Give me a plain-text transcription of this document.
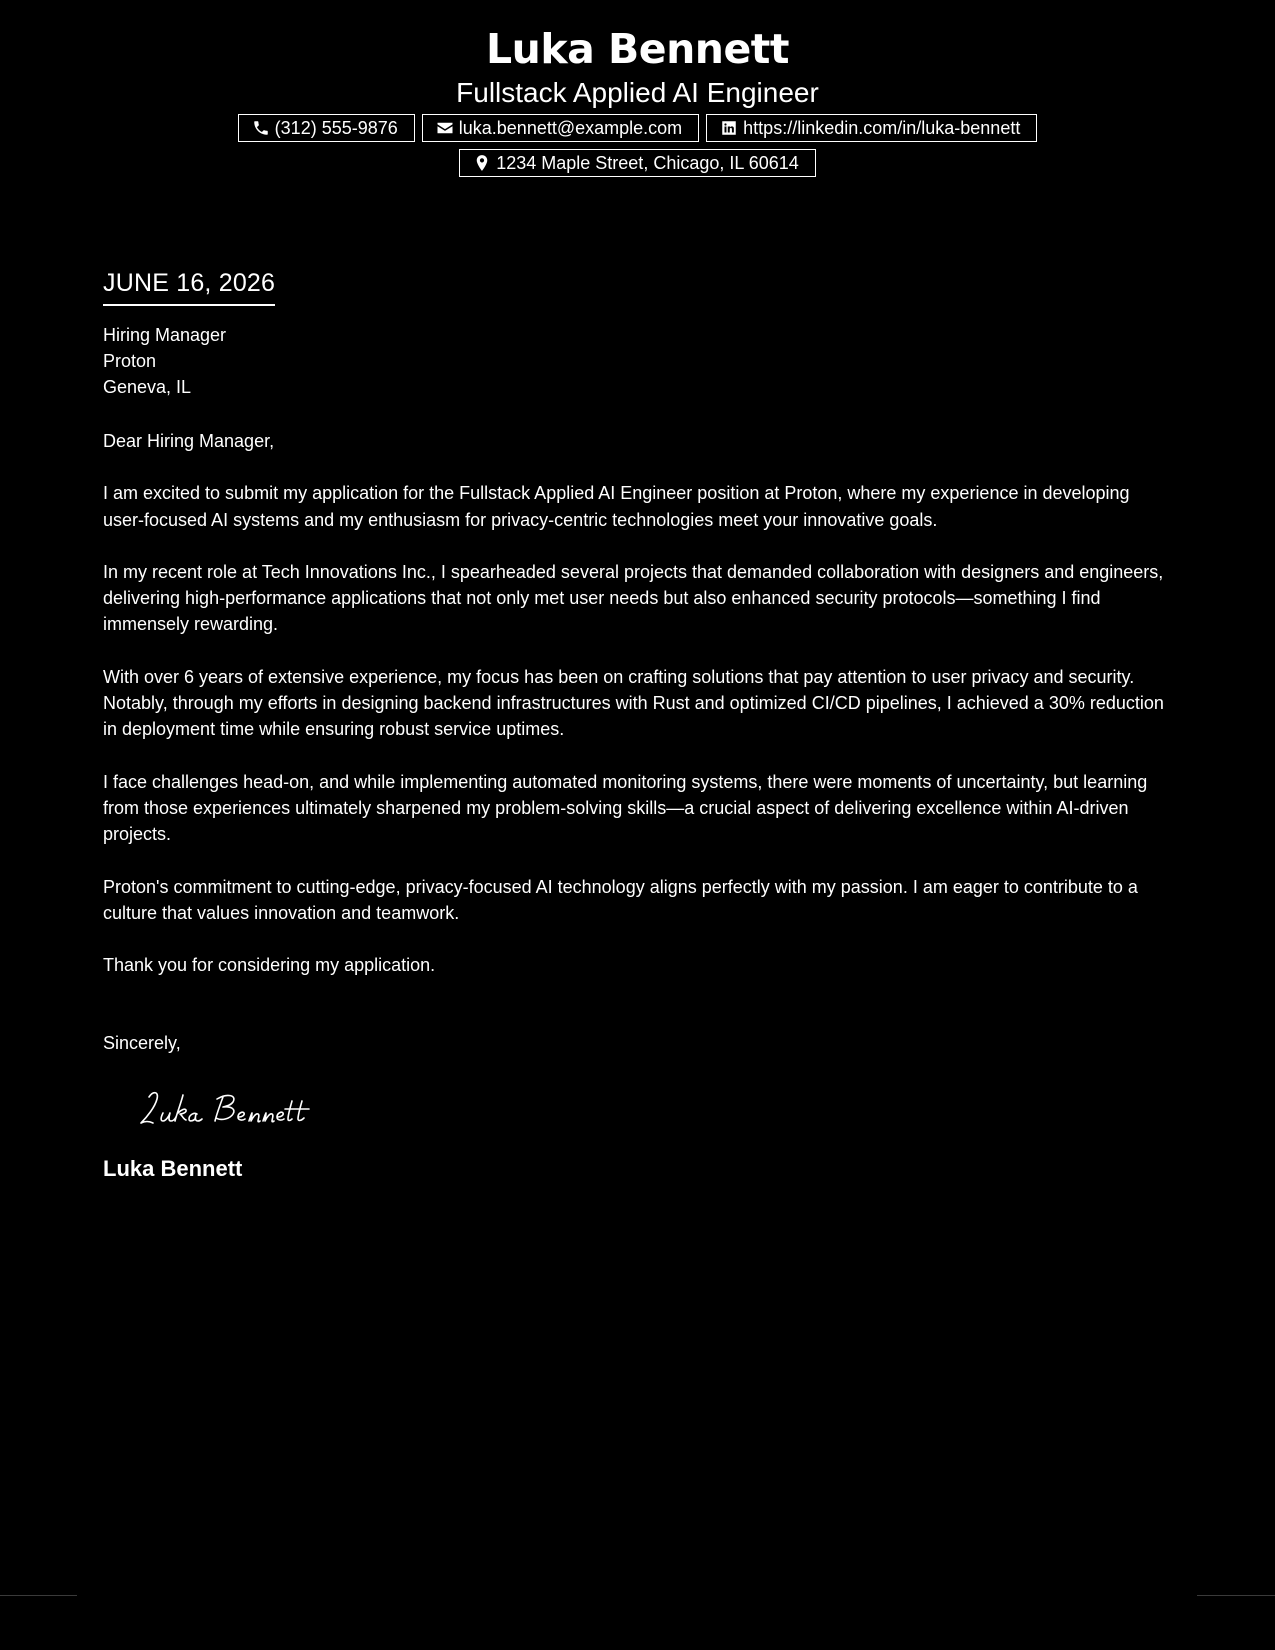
Luka Bennett
Fullstack Applied AI Engineer
(312) 555-9876	luka.bennett@example.com	https://linkedin.com/in/luka-bennett
1234 Maple Street, Chicago, IL 60614
JUNE 16, 2026
Hiring Manager
Proton
Geneva, IL
Dear Hiring Manager,

I am excited to submit my application for the Fullstack Applied AI Engineer position at Proton, where my experience in developing user-focused AI systems and my enthusiasm for privacy-centric technologies meet your innovative goals.

In my recent role at Tech Innovations Inc., I spearheaded several projects that demanded collaboration with designers and engineers, delivering high-performance applications that not only met user needs but also enhanced security protocols—something I find immensely rewarding.

With over 6 years of extensive experience, my focus has been on crafting solutions that pay attention to user privacy and security. Notably, through my efforts in designing backend infrastructures with Rust and optimized CI/CD pipelines, I achieved a 30% reduction in deployment time while ensuring robust service uptimes.

I face challenges head-on, and while implementing automated monitoring systems, there were moments of uncertainty, but learning from those experiences ultimately sharpened my problem-solving skills—a crucial aspect of delivering excellence within AI-driven projects.

Proton's commitment to cutting-edge, privacy-focused AI technology aligns perfectly with my passion. I am eager to contribute to a culture that values innovation and teamwork.

Thank you for considering my application.

Sincerely,
Luka Bennett
